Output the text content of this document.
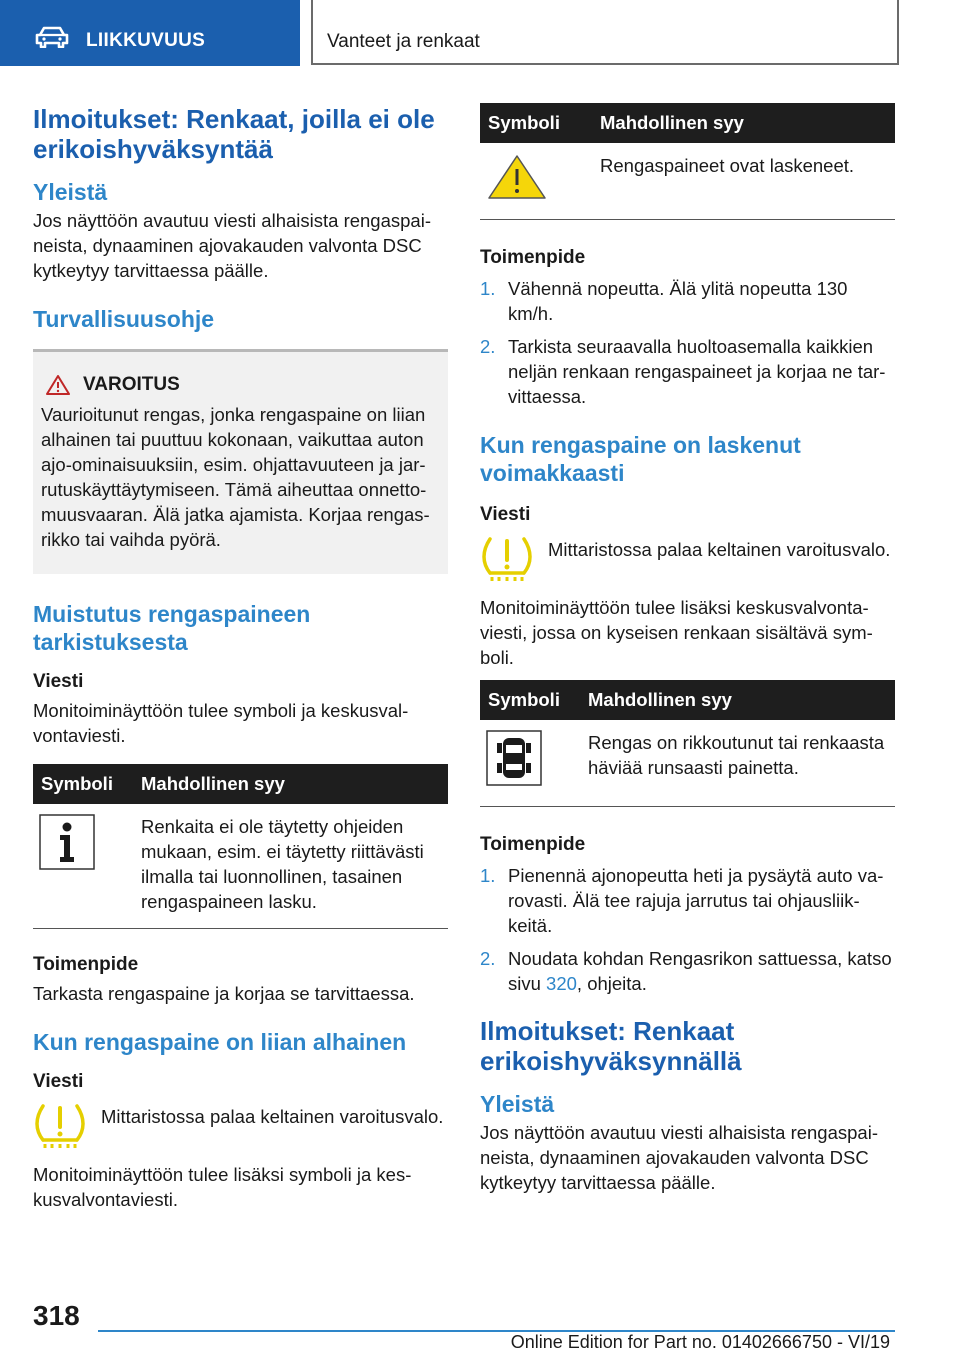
LIIKKUVUUS	Vanteet ja renkaat
Ilmoitukset: Renkaat, joilla ei ole erikoishyväksyntää
Yleistä

Jos näyttöön avautuu viesti alhaisista rengaspaineista, dynaaminen ajovakauden valvonta DSC kytkeytyy tarvittaessa päälle.

Turvallisuusohje
VAROITUS

Vaurioitunut rengas, jonka rengaspaine on liian alhainen tai puuttuu kokonaan, vaikuttaa auton ajo-ominaisuuksiin, esim. ohjattavuuteen ja jarrutuskäyttäytymiseen. Tämä aiheuttaa onnettomuusvaaran. Älä jatka ajamista. Korjaa rengasrikko tai vaihda pyörä.

Muistutus rengaspaineen tarkistuksesta
Viesti

Monitoiminäyttöön tulee symboli ja keskusvalvontaviesti.

Symboli	Mahdollinen syy
	Renkaita ei ole täytetty ohjeiden mukaan, esim. ei täytetty riittävästi ilmalla tai luonnollinen, tasainen rengaspaineen lasku.
Toimenpide

Tarkasta rengaspaine ja korjaa se tarvittaessa.

Kun rengaspaine on liian alhainen
Viesti

Mittaristossa palaa keltainen varoitusvalo.

Monitoiminäyttöön tulee lisäksi symboli ja keskusvalvontaviesti.

Symboli	Mahdollinen syy
	Rengaspaineet ovat laskeneet.
Toimenpide
1. Vähennä nopeutta. Älä ylitä nopeutta 130 km/h.
2. Tarkista seuraavalla huoltoasemalla kaikkien neljän renkaan rengaspaineet ja korjaa ne tarvittaessa.
Kun rengaspaine on laskenut voimakkaasti
Viesti

Mittaristossa palaa keltainen varoitusvalo.

Monitoiminäyttöön tulee lisäksi keskusvalvontaviesti, jossa on kyseisen renkaan sisältävä symboli.

Symboli	Mahdollinen syy
	Rengas on rikkoutunut tai renkaasta häviää runsaasti painetta.
Toimenpide
1. Pienennä ajonopeutta heti ja pysäytä auto varovasti. Älä tee rajuja jarrutus tai ohjausliikkeitä.
2. Noudata kohdan Rengasrikon sattuessa, katso sivu 320, ohjeita.
Ilmoitukset: Renkaat erikoishyväksynnällä
Yleistä

Jos näyttöön avautuu viesti alhaisista rengaspaineista, dynaaminen ajovakauden valvonta DSC kytkeytyy tarvittaessa päälle.

318
Online Edition for Part no. 01402666750 - VI/19
